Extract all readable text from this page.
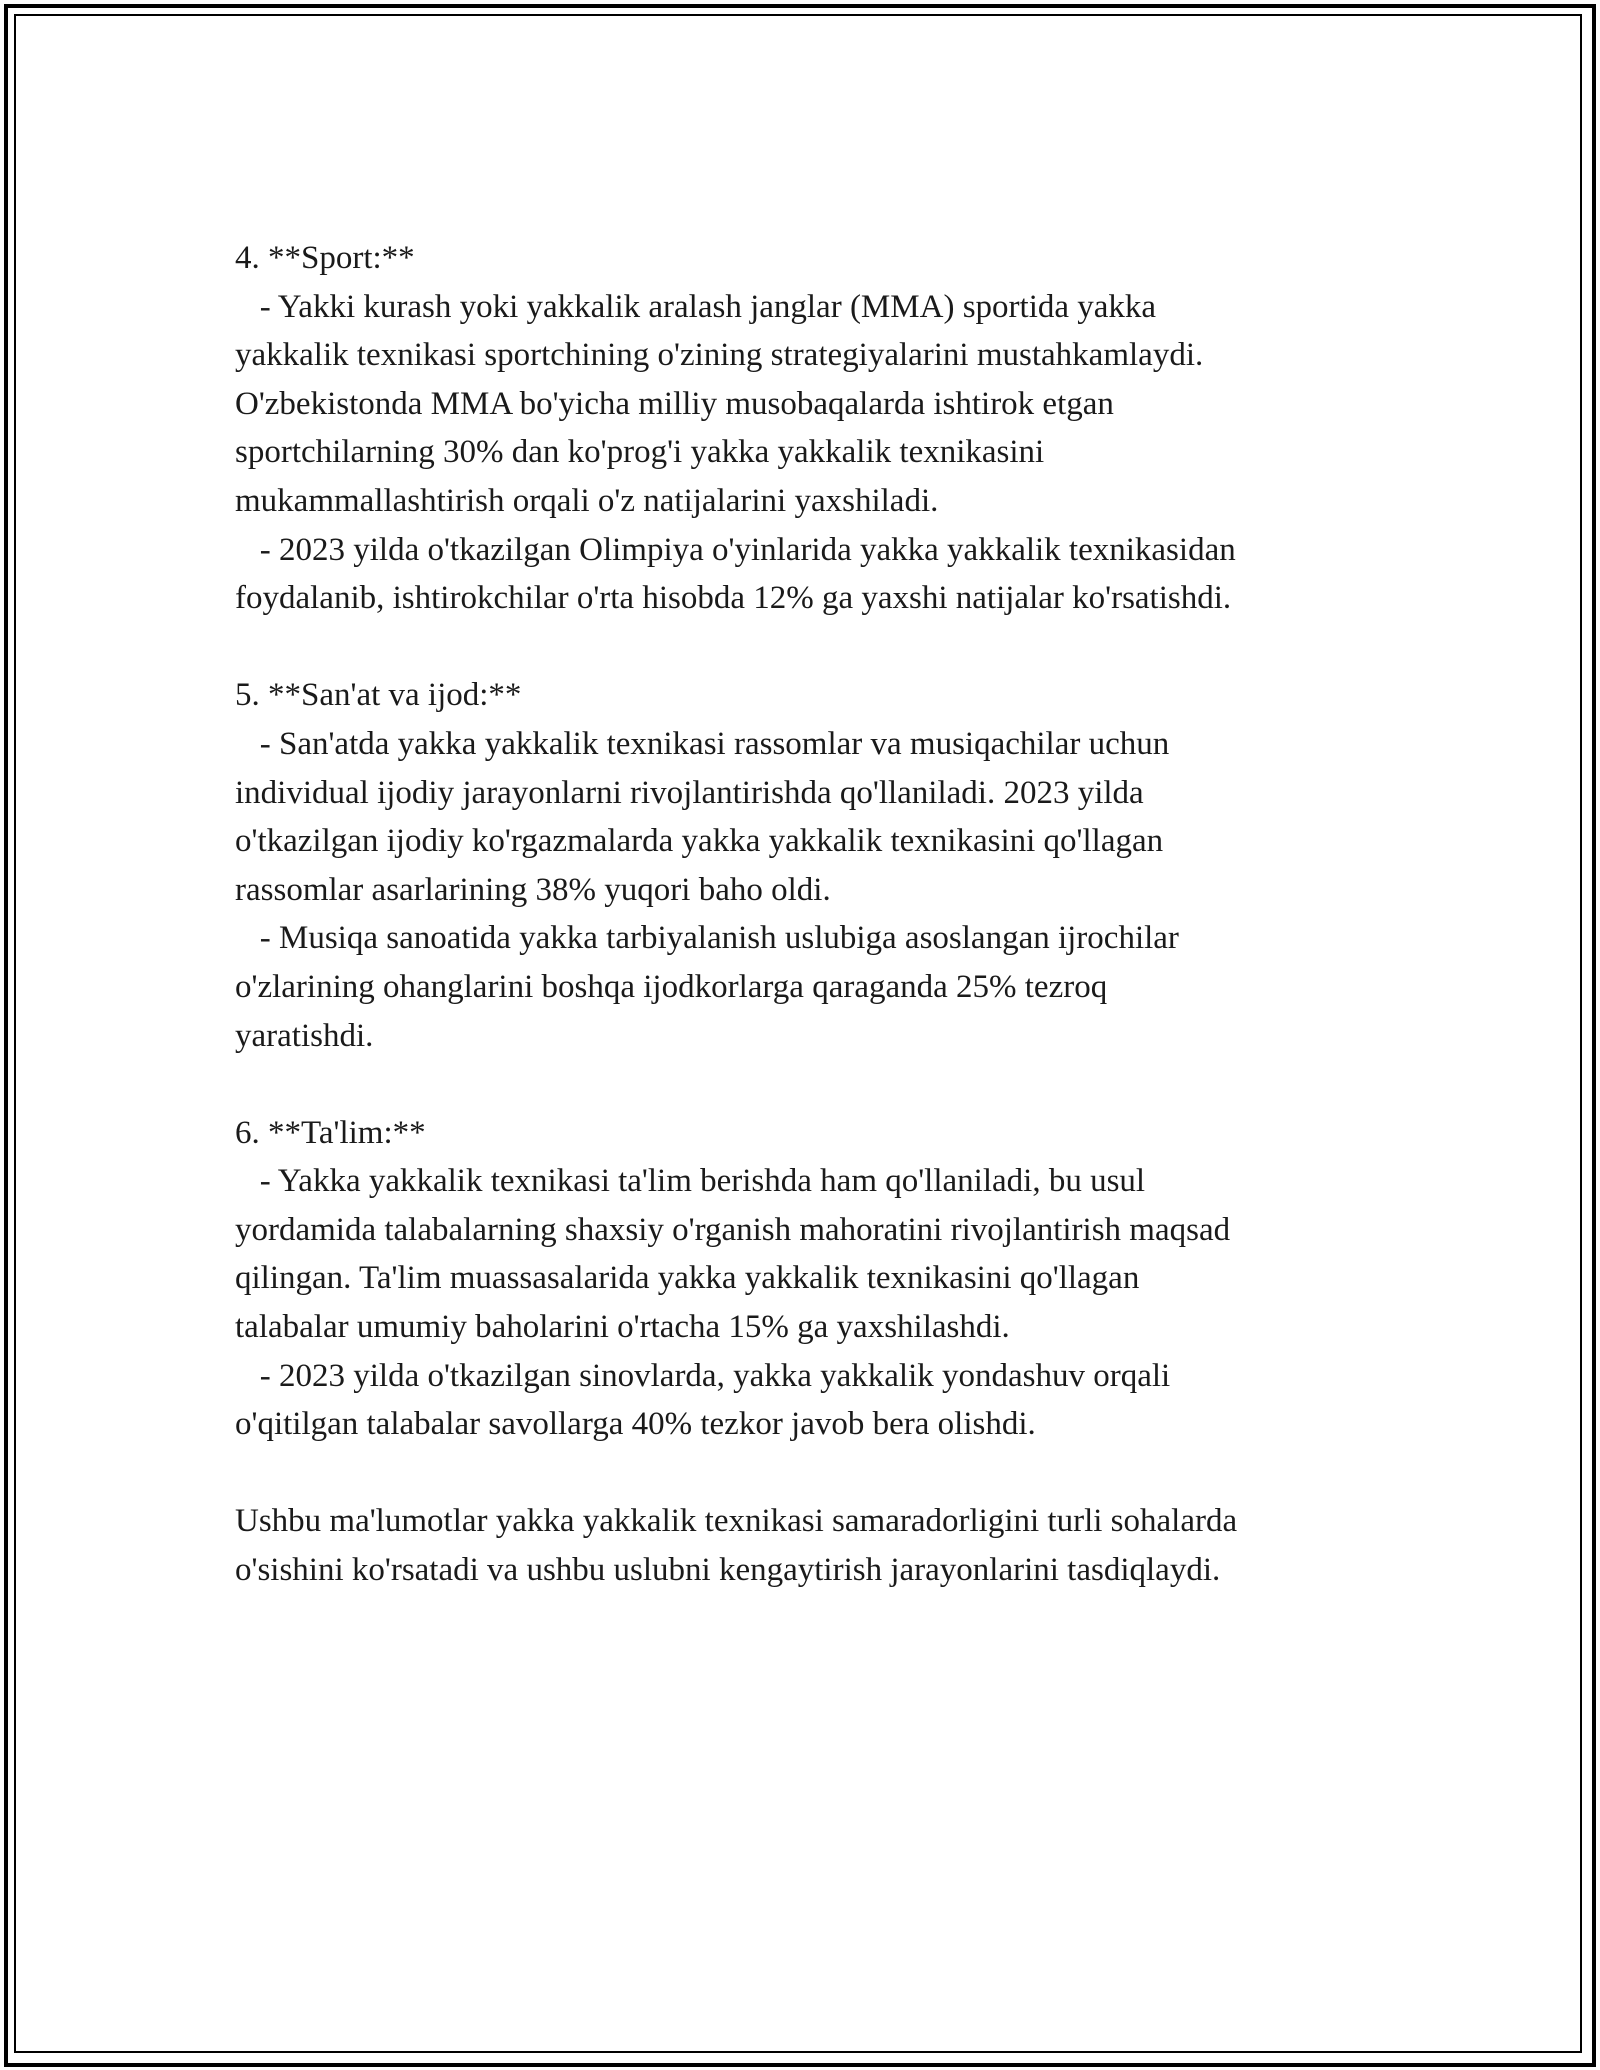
4. **Sport:**

- Yakki kurash yoki yakkalik aralash janglar (MMA) sportida yakka

yakkalik texnikasi sportchining o'zining strategiyalarini mustahkamlaydi.

O'zbekistonda MMA bo'yicha milliy musobaqalarda ishtirok etgan

sportchilarning 30% dan ko'prog'i yakka yakkalik texnikasini

mukammallashtirish orqali o'z natijalarini yaxshiladi.

- 2023 yilda o'tkazilgan Olimpiya o'yinlarida yakka yakkalik texnikasidan

foydalanib, ishtirokchilar o'rta hisobda 12% ga yaxshi natijalar ko'rsatishdi.

5. **San'at va ijod:**

- San'atda yakka yakkalik texnikasi rassomlar va musiqachilar uchun

individual ijodiy jarayonlarni rivojlantirishda qo'llaniladi. 2023 yilda

o'tkazilgan ijodiy ko'rgazmalarda yakka yakkalik texnikasini qo'llagan

rassomlar asarlarining 38% yuqori baho oldi.

- Musiqa sanoatida yakka tarbiyalanish uslubiga asoslangan ijrochilar

o'zlarining ohanglarini boshqa ijodkorlarga qaraganda 25% tezroq

yaratishdi.

6. **Ta'lim:**

- Yakka yakkalik texnikasi ta'lim berishda ham qo'llaniladi, bu usul

yordamida talabalarning shaxsiy o'rganish mahoratini rivojlantirish maqsad

qilingan. Ta'lim muassasalarida yakka yakkalik texnikasini qo'llagan

talabalar umumiy baholarini o'rtacha 15% ga yaxshilashdi.

- 2023 yilda o'tkazilgan sinovlarda, yakka yakkalik yondashuv orqali

o'qitilgan talabalar savollarga 40% tezkor javob bera olishdi.

Ushbu ma'lumotlar yakka yakkalik texnikasi samaradorligini turli sohalarda

o'sishini ko'rsatadi va ushbu uslubni kengaytirish jarayonlarini tasdiqlaydi.
